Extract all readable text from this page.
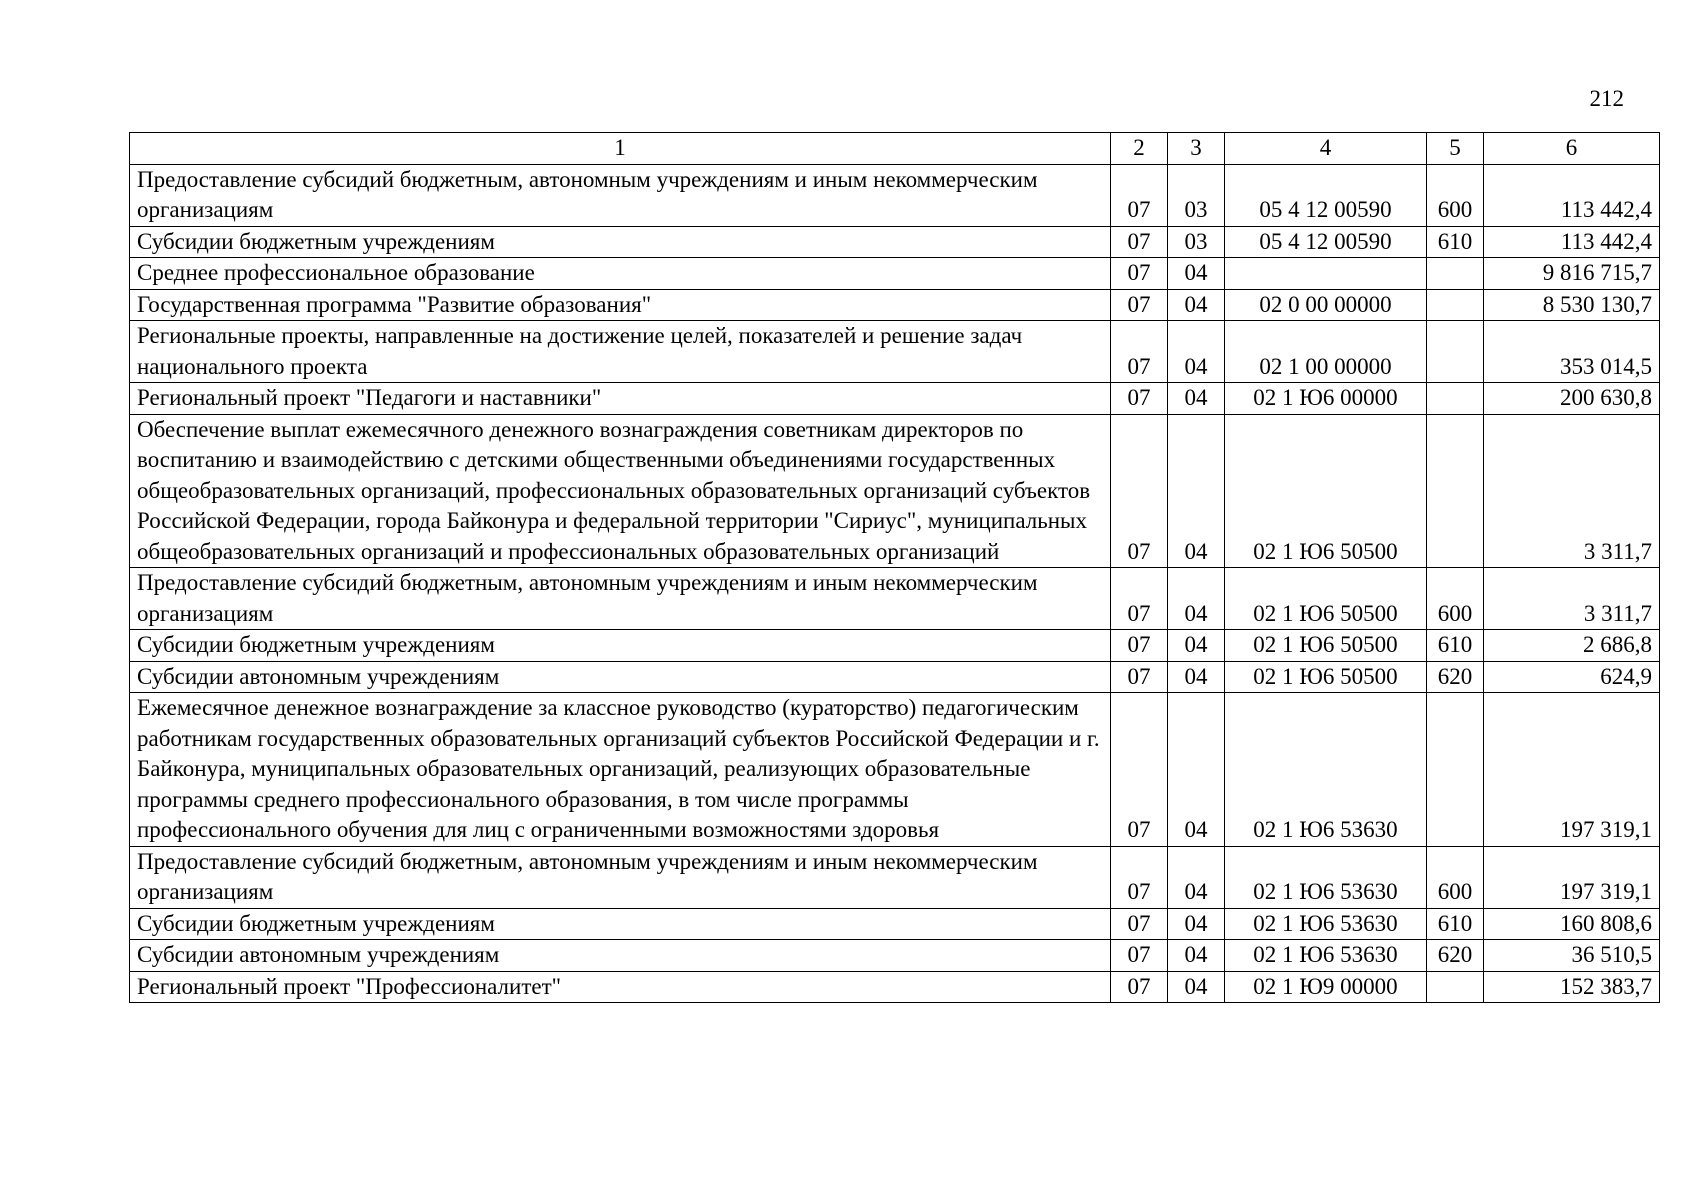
212
1	2	3	4	5	6
Предоставление субсидий бюджетным, автономным учреждениям и иным некоммерческим организациям	07	03	05 4 12 00590	600	113 442,4
Субсидии бюджетным учреждениям	07	03	05 4 12 00590	610	113 442,4
Среднее профессиональное образование	07	04			9 816 715,7
Государственная программа "Развитие образования"	07	04	02 0 00 00000		8 530 130,7
Региональные проекты, направленные на достижение целей, показателей и решение задач национального проекта	07	04	02 1 00 00000		353 014,5
Региональный проект "Педагоги и наставники"	07	04	02 1 Ю6 00000		200 630,8
Обеспечение выплат ежемесячного денежного вознаграждения советникам директоров по воспитанию и взаимодействию с детскими общественными объединениями государственных общеобразовательных организаций, профессиональных образовательных организаций субъектов Российской Федерации, города Байконура и федеральной территории "Сириус", муниципальных общеобразовательных организаций и профессиональных образовательных организаций	07	04	02 1 Ю6 50500		3 311,7
Предоставление субсидий бюджетным, автономным учреждениям и иным некоммерческим организациям	07	04	02 1 Ю6 50500	600	3 311,7
Субсидии бюджетным учреждениям	07	04	02 1 Ю6 50500	610	2 686,8
Субсидии автономным учреждениям	07	04	02 1 Ю6 50500	620	624,9
Ежемесячное денежное вознаграждение за классное руководство (кураторство) педагогическим работникам государственных образовательных организаций субъектов Российской Федерации и г. Байконура, муниципальных образовательных организаций, реализующих образовательные программы среднего профессионального образования, в том числе программы профессионального обучения для лиц с ограниченными возможностями здоровья	07	04	02 1 Ю6 53630		197 319,1
Предоставление субсидий бюджетным, автономным учреждениям и иным некоммерческим организациям	07	04	02 1 Ю6 53630	600	197 319,1
Субсидии бюджетным учреждениям	07	04	02 1 Ю6 53630	610	160 808,6
Субсидии автономным учреждениям	07	04	02 1 Ю6 53630	620	36 510,5
Региональный проект "Профессионалитет"	07	04	02 1 Ю9 00000		152 383,7
